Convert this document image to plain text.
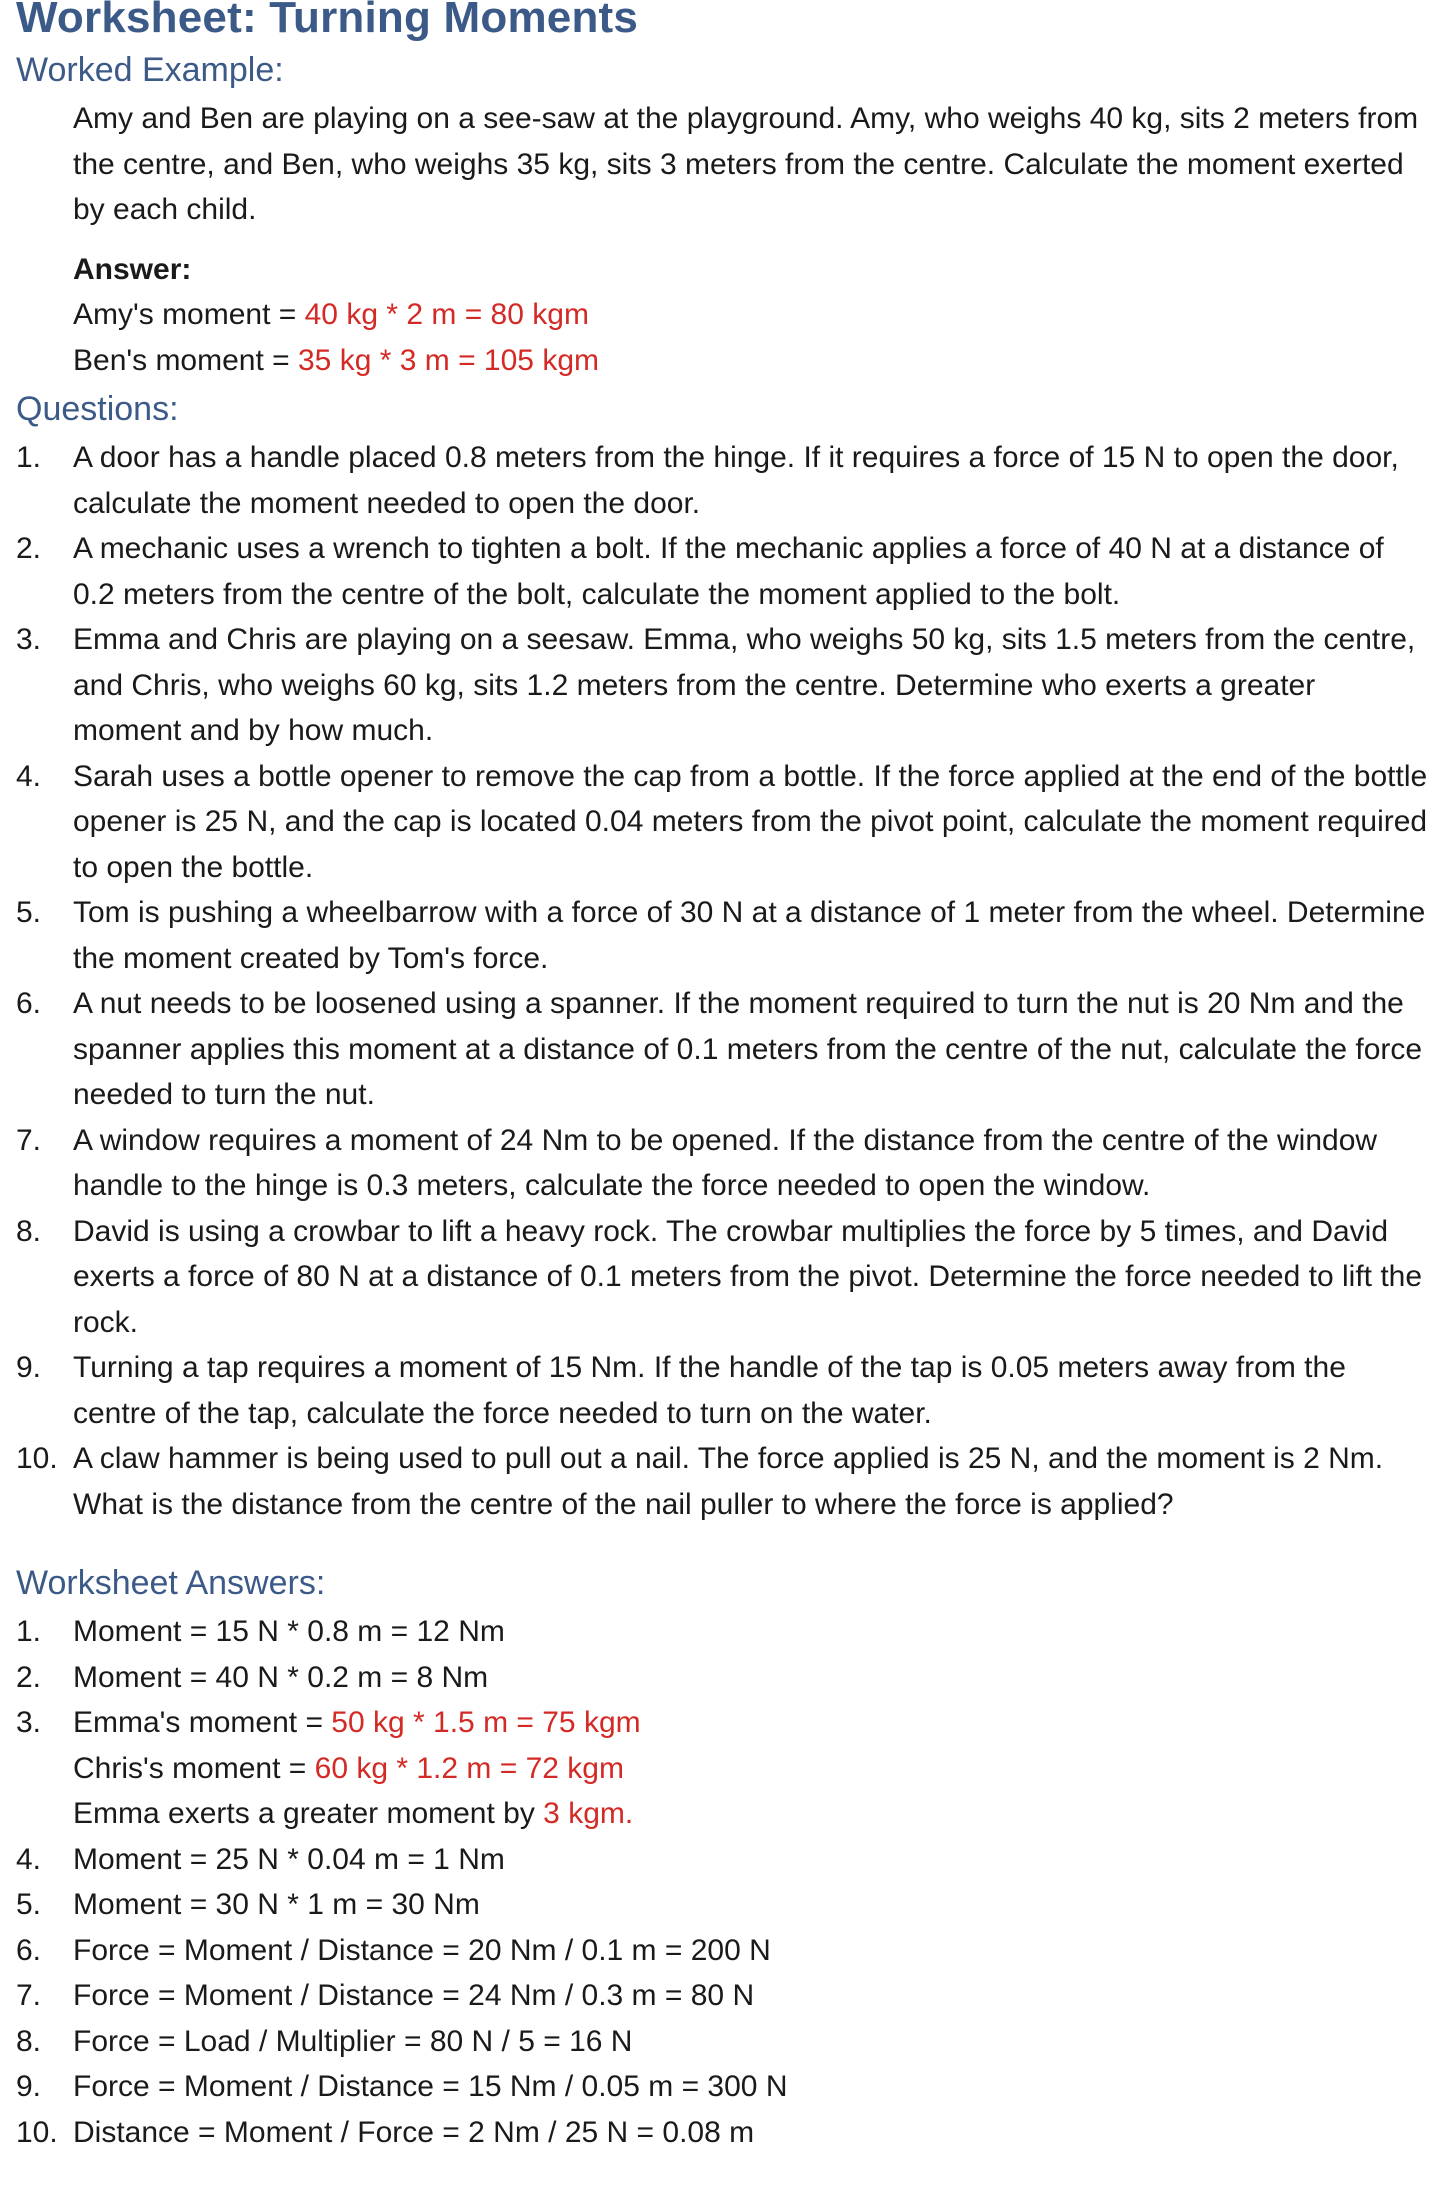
Worksheet: Turning Moments
Worked Example:
Amy and Ben are playing on a see-saw at the playground. Amy, who weighs 40 kg, sits 2 meters from the centre, and Ben, who weighs 35 kg, sits 3 meters from the centre. Calculate the moment exerted by each child.
Answer:
Amy's moment = 40 kg * 2 m = 80 kgm
Ben's moment = 35 kg * 3 m = 105 kgm
Questions:
1.	A door has a handle placed 0.8 meters from the hinge. If it requires a force of 15 N to open the door, calculate the moment needed to open the door.
2.	A mechanic uses a wrench to tighten a bolt. If the mechanic applies a force of 40 N at a distance of 0.2 meters from the centre of the bolt, calculate the moment applied to the bolt.
3.	Emma and Chris are playing on a seesaw. Emma, who weighs 50 kg, sits 1.5 meters from the centre, and Chris, who weighs 60 kg, sits 1.2 meters from the centre. Determine who exerts a greater moment and by how much.
4.	Sarah uses a bottle opener to remove the cap from a bottle. If the force applied at the end of the bottle opener is 25 N, and the cap is located 0.04 meters from the pivot point, calculate the moment required to open the bottle.
5.	Tom is pushing a wheelbarrow with a force of 30 N at a distance of 1 meter from the wheel. Determine the moment created by Tom's force.
6.	A nut needs to be loosened using a spanner. If the moment required to turn the nut is 20 Nm and the spanner applies this moment at a distance of 0.1 meters from the centre of the nut, calculate the force needed to turn the nut.
7.	A window requires a moment of 24 Nm to be opened. If the distance from the centre of the window handle to the hinge is 0.3 meters, calculate the force needed to open the window.
8.	David is using a crowbar to lift a heavy rock. The crowbar multiplies the force by 5 times, and David exerts a force of 80 N at a distance of 0.1 meters from the pivot. Determine the force needed to lift the rock.
9.	Turning a tap requires a moment of 15 Nm. If the handle of the tap is 0.05 meters away from the centre of the tap, calculate the force needed to turn on the water.
10. A claw hammer is being used to pull out a nail. The force applied is 25 N, and the moment is 2 Nm. What is the distance from the centre of the nail puller to where the force is applied?
Worksheet Answers:
1.	Moment = 15 N * 0.8 m = 12 Nm
2.	Moment = 40 N * 0.2 m = 8 Nm
3.	Emma's moment = 50 kg * 1.5 m = 75 kgm
Chris's moment = 60 kg * 1.2 m = 72 kgm
Emma exerts a greater moment by 3 kgm.
4.	Moment = 25 N * 0.04 m = 1 Nm
5.	Moment = 30 N * 1 m = 30 Nm
6.	Force = Moment / Distance = 20 Nm / 0.1 m = 200 N
7.	Force = Moment / Distance = 24 Nm / 0.3 m = 80 N
8.	Force = Load / Multiplier = 80 N / 5 = 16 N
9.	Force = Moment / Distance = 15 Nm / 0.05 m = 300 N
10. Distance = Moment / Force = 2 Nm / 25 N = 0.08 m
